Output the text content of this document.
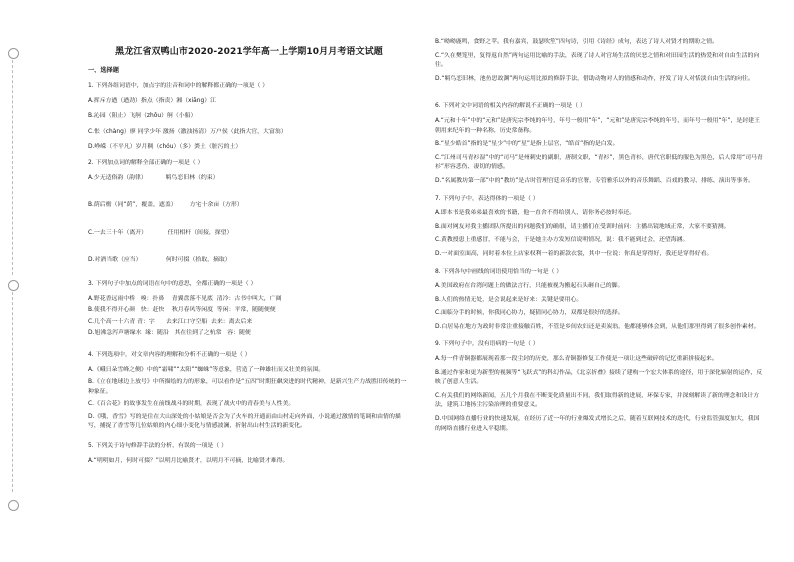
黑龙江省双鸭山市2020-2021学年高一上学期10月月考语文试题
一、选择题
1. 下列各组词语中，加点字的注音和词中的解释都正确的一项是（ ）
A.挥斥方遒（遒劲）指点（指责）湘（xiāng）江
B.沁园（阻止）飞舸（zhōu）舸（小船）
C.怅（chàng）廖 同学少年 激扬（激浊扬清）万户侯（此指大官，大富翁）
D.峥嵘（不平凡）岁月稠（chóu）（多）粪土（脏污的土）
2. 下列加点词的解释全部正确的一项是（ ）
A.少无适俗韵（韵律）          羁鸟恋旧林（约束）
B.荫后檐（同“荫”，覆盖，遮盖）       方宅十余亩（方形）
C.一去三十年（离开）           任用相杆（间接，探望）
D.对酒当歌（应当）             何时可掇（拾取，摘取）
3. 下列句子中加点的词语在句中的意思，全都正确的一项是（ ）
A.野花香远雨中桥   嗅：扑鼻    青翼盘落不见底  清冷：古书中叫大，广阔
B.使我不得开心颜   快：赶快    秋月春风等闲度  等闲：平常，随随便便
C.几个高一十六青 青：字      去来江口守空船  去来：离去后来
D.旭沸急泻声塘缘水  缘：随沿   其在往到了之杭常   容：随便
4. 下列选项中，对文章内容的理解和分析不正确的一项是（ ）
A.《峨日朵雪峰之侧》中的“霜啸”“太阳”“蜘蛛”等意象，营造了一种雄壮而又壮美的氛围。
B.《立在地球边上放号》中所描绘的力的形象，可以看作是“五四”时期狂飙突进的时代精神，是新兴生产力战胜旧传统的一种象征。
C.《百合花》的故事发生在前线战斗的时期，表现了战火中的青春美与人性美。
D.《哦，香雪》写的是住在大山深处的小姑娘是否会为了火车的开通而由山村走向外面，小说通过激情的笔调和由情的描写，捕捉了香雪等几位姑娘的内心细小变化与情感波澜，折射出山村生活的新变化。
5. 下列关于诗句修辞手法的分析，有误的一项是（ ）
A.“明明如月，何时可掇？”以明月比喻贤才，以明月不可摘，比喻贤才难得。
B.“呦呦鹿鸣，食野之苹。我有嘉宾，鼓瑟吹笙”四句诗，引用《诗经》成句，表达了诗人对贤才的期盼之情。
C.“久在樊笼里，复得返自然”两句运用比喻的手法，表现了诗人对官场生活的厌恶之情和对田园生活的热爱和对自由生活的向往。
D.“羁鸟恋旧林，池鱼思故渊”两句运用比拟的修辞手法，借助动物对人的情感和动作，抒发了诗人对恬淡自由生活的向往。
6. 下列对文中词语的相关内容的解说不正确的一项是（ ）
A.“元和十年”中的“元和”是唐宪宗李纯的年号，年号一般用“年”，“元和”是唐宪宗李纯的年号，而年号一般用“年”，是封建王朝用来纪年的一种名称，历史常备称。
B.“星少皓首”指的是“星少”中的“星”是指上层官，“皓首”指的是白发。
C.“江州司马青衫湿”中的“司马”是州刺史的副职，唐制文职，“青衫”，黑色青衫，唐代官职低的服色为黑色，后人常用“司马青衫”形容悲伤、凄切的情感。
D.“名属教坊第一部”中的“教坊”是古时管理宫廷音乐的官署，专管雅乐以外的音乐舞蹈、百戏的教习、排练、演出等事务。
7. 下列句子中，表达得体的一项是（ ）
A.即本书是我弟弟最喜欢的书籍，他一直舍不得给别人，请你务必按时奉还。
B.面对网友对我主播团队所提出的问题我们的确很，请主播们在受训时前问：主播出镜地域正常，大家不要猜测。
C.黄教授患上重感冒，不能与会，于是她主办方发短信说明情况，说：我不能到过会，还望海涵。
D.一对面室面高，同时着本位上店家权利一着的新款衣裳，其中一位说：你真是穿得好，我还是穿得好看。
8. 下列各句中画线的词语使用恰当的一句是（ ）
A.美国政府在台湾问题上的做法言行，只能被视为搬起石头砸自己的脚。
B.人们的热情无处，是会说起来是好来：关键是要用心。
C.面临分手的时候，你我同心协力，疑猜同心协力，双都是很好的选择。
D.白居易在地方为政时非常注重接触百姓，不管是乡间农妇还是卖炭翁，他都能够体会到，从他们那里得到了很多创作素材。
9. 下列句子中，没有语病的一句是（ ）
A.每一件青铜器都展现着那一段尘封的历史，那么青铜器修复工作使是一项让这些破碎的记忆重新拼接起来。
B.通过作家和更为新型的视频等“飞跃式”的科幻作品，《北京折叠》接续了建构一个宏大体系的途径，用于深化辐射的运作，反映了创意人生活。
C.有关我们的网络新闻，五几个月我在不断变化质量出不同，我们取得新的进展，环保专家，并深刻解读了新的理念和设计方法，建筑工地扬尘污染治理的重要意义。
D.中国网络直播行业的快速发展，在经历了近一年的行业爆发式增长之后，随着互联网技术的迭代，行业监管强度加大，我国的网络直播行业进入平稳期。
